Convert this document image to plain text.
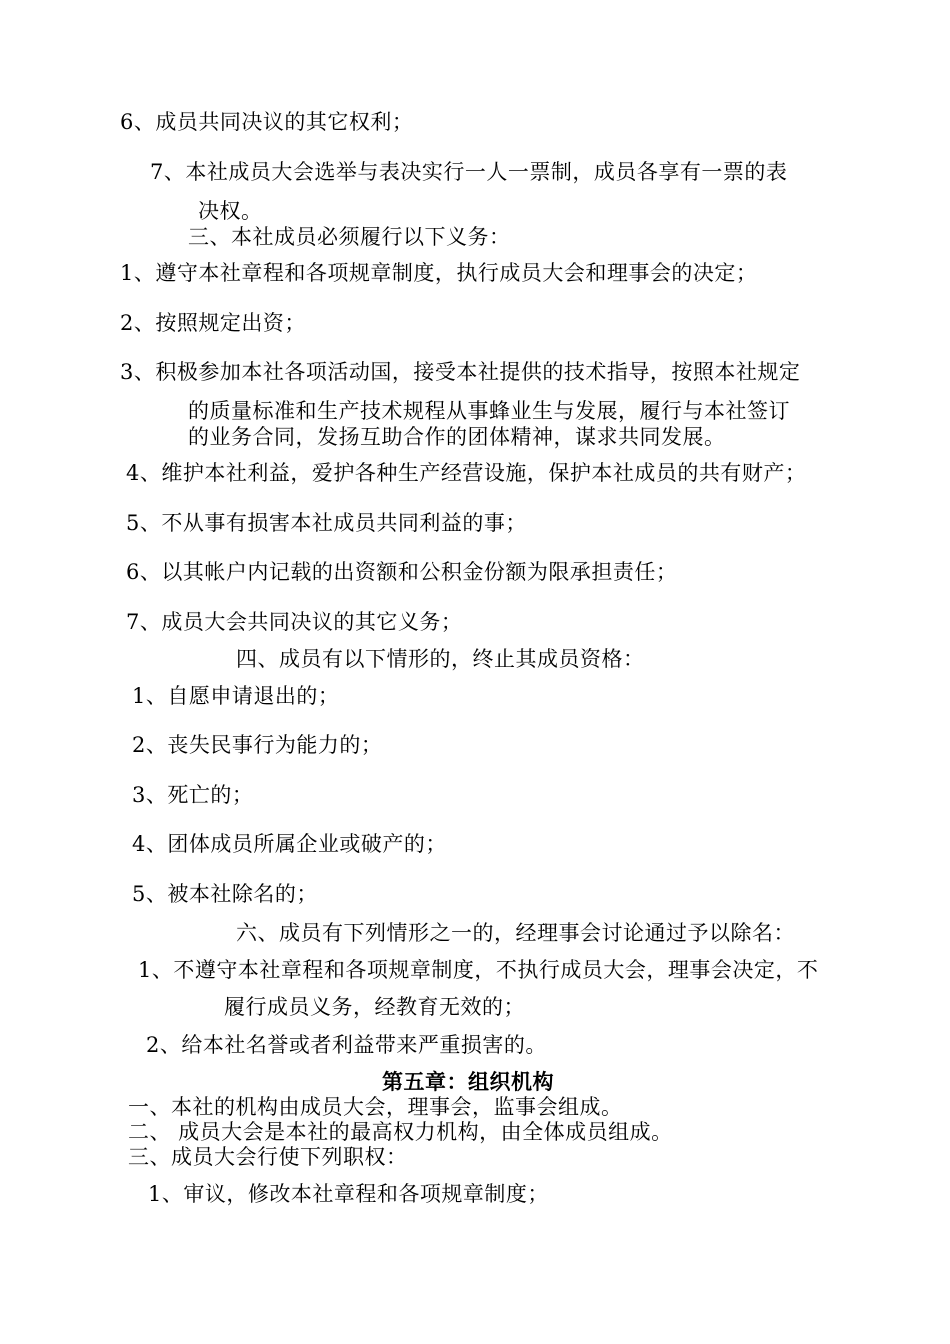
6、成员共同决议的其它权利；
7、本社成员大会选举与表决实行一人一票制，成员各享有一票的表
决权。
三、本社成员必须履行以下义务：
1、遵守本社章程和各项规章制度，执行成员大会和理事会的决定；
2、按照规定出资；
3、积极参加本社各项活动国，接受本社提供的技术指导，按照本社规定
的质量标准和生产技术规程从事蜂业生与发展，履行与本社签订
的业务合同，发扬互助合作的团体精神，谋求共同发展。
4、维护本社利益，爱护各种生产经营设施，保护本社成员的共有财产；
5、不从事有损害本社成员共同利益的事；
6、以其帐户内记载的出资额和公积金份额为限承担责任；
7、成员大会共同决议的其它义务；
四、成员有以下情形的，终止其成员资格：
1、自愿申请退出的；
2、丧失民事行为能力的；
3、死亡的；
4、团体成员所属企业或破产的；
5、被本社除名的；
六、成员有下列情形之一的，经理事会讨论通过予以除名：
1、不遵守本社章程和各项规章制度，不执行成员大会，理事会决定，不
履行成员义务，经教育无效的；
2、给本社名誉或者利益带来严重损害的。
第五章：组织机构
一、本社的机构由成员大会，理事会，监事会组成。
二、 成员大会是本社的最高权力机构，由全体成员组成。
三、成员大会行使下列职权：
1、审议，修改本社章程和各项规章制度；
